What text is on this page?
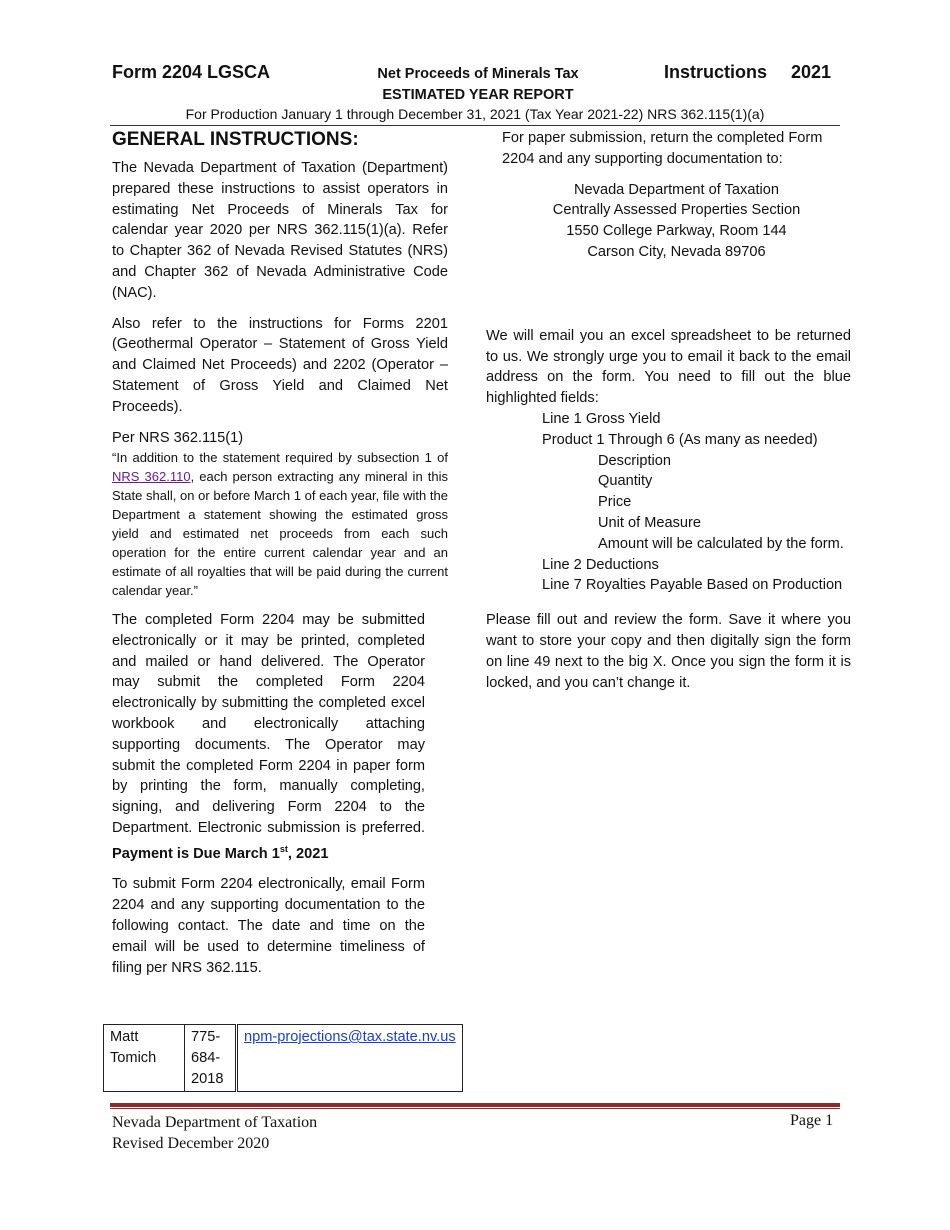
Form 2204 LGSCA	Net Proceeds of Minerals Tax
ESTIMATED YEAR REPORT
Instructions 2021
For Production January 1 through December 31, 2021 (Tax Year 2021-22) NRS 362.115(1)(a)
GENERAL INSTRUCTIONS:

The Nevada Department of Taxation (Department) prepared these instructions to assist operators in estimating Net Proceeds of Minerals Tax for calendar year 2020 per NRS 362.115(1)(a). Refer to Chapter 362 of Nevada Revised Statutes (NRS) and Chapter 362 of Nevada Administrative Code (NAC).

Also refer to the instructions for Forms 2201 (Geothermal Operator – Statement of Gross Yield and Claimed Net Proceeds) and 2202 (Operator – Statement of Gross Yield and Claimed Net Proceeds).

Per NRS 362.115(1)
“In addition to the statement required by subsection 1 of NRS 362.110, each person extracting any mineral in this State shall, on or before March 1 of each year, file with the Department a statement showing the estimated gross yield and estimated net proceeds from each such operation for the entire current calendar year and an estimate of all royalties that will be paid during the current calendar year.”

The completed Form 2204 may be submitted electronically or it may be printed, completed and mailed or hand delivered. The Operator may submit the completed Form 2204 electronically by submitting the completed excel workbook and electronically attaching supporting documents. The Operator may submit the completed Form 2204 in paper form by printing the form, manually completing, signing, and delivering Form 2204 to the Department. Electronic submission is preferred. Payment is Due March 1st, 2021

To submit Form 2204 electronically, email Form 2204 and any supporting documentation to the following contact. The date and time on the email will be used to determine timeliness of filing per NRS 362.115.

Matt Tomich	775-684-2018	npm-projections@tax.state.nv.us

For paper submission, return the completed Form 2204 and any supporting documentation to:

Nevada Department of Taxation
Centrally Assessed Properties Section
1550 College Parkway, Room 144
Carson City, Nevada 89706

We will email you an excel spreadsheet to be returned to us. We strongly urge you to email it back to the email address on the form. You need to fill out the blue highlighted fields:

Line 1 Gross Yield
Product 1 Through 6 (As many as needed)
Description
Quantity
Price
Unit of Measure
Amount will be calculated by the form.
Line 2 Deductions
Line 7 Royalties Payable Based on Production

Please fill out and review the form. Save it where you want to store your copy and then digitally sign the form on line 49 next to the big X. Once you sign the form it is locked, and you can’t change it.

Nevada Department of Taxation
Revised December 2020
Page 1
